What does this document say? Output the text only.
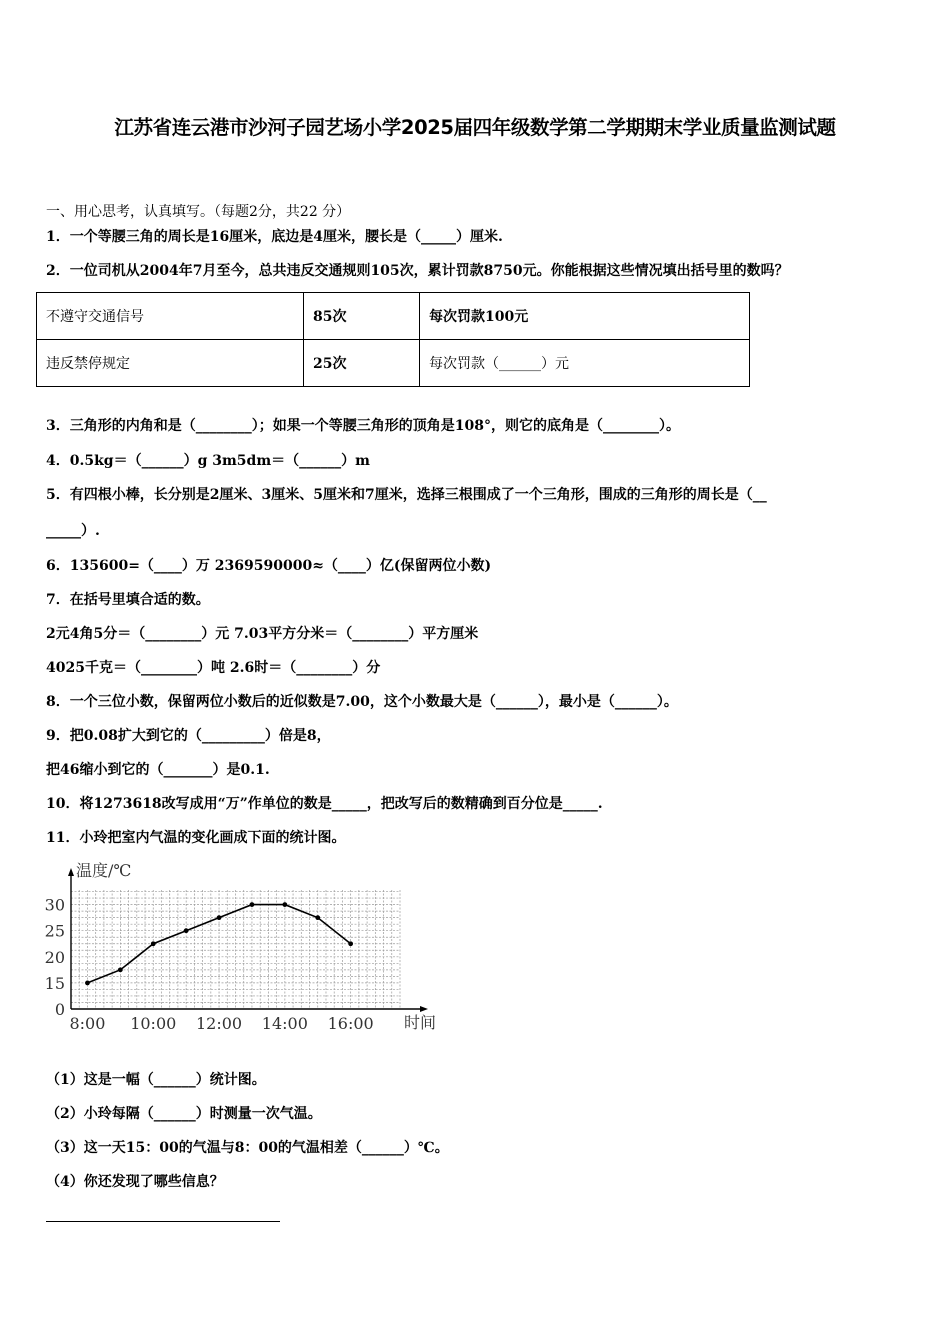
江苏省连云港市沙河子园艺场小学2025届四年级数学第二学期期末学业质量监测试题
一、用心思考，认真填写。（每题2分，共22 分）
1．一个等腰三角的周长是16厘米，底边是4厘米，腰长是（_____）厘米.
2．一位司机从2004年7月至今，总共违反交通规则105次，累计罚款8750元。你能根据这些情况填出括号里的数吗？
不遵守交通信号	85次	每次罚款100元
违反禁停规定	25次	每次罚款（______）元
3．三角形的内角和是（________）；如果一个等腰三角形的顶角是108°，则它的底角是（________）。
4．0.5kg＝（______）g 3m5dm＝（______）m
5．有四根小棒，长分别是2厘米、3厘米、5厘米和7厘米，选择三根围成了一个三角形，围成的三角形的周长是（__
_____）.
6．135600=（____）万 2369590000≈（____）亿(保留两位小数)
7．在括号里填合适的数。
2元4角5分＝（________）元 7.03平方分米＝（________）平方厘米
4025千克＝（________）吨 2.6时＝（________）分
8．一个三位小数，保留两位小数后的近似数是7.00，这个小数最大是（______），最小是（______）。
9．把0.08扩大到它的（_________）倍是8，
把46缩小到它的（_______）是0.1.
10．将1273618改写成用“万”作单位的数是_____，把改写后的数精确到百分位是_____.
11．小玲把室内气温的变化画成下面的统计图。
温度/℃
时间
0
15
20
25
30
8:00 10:00 12:00 14:00 16:00
（1）这是一幅（______）统计图。
（2）小玲每隔（______）时测量一次气温。
（3）这一天15：00的气温与8：00的气温相差（______）℃。
（4）你还发现了哪些信息？
